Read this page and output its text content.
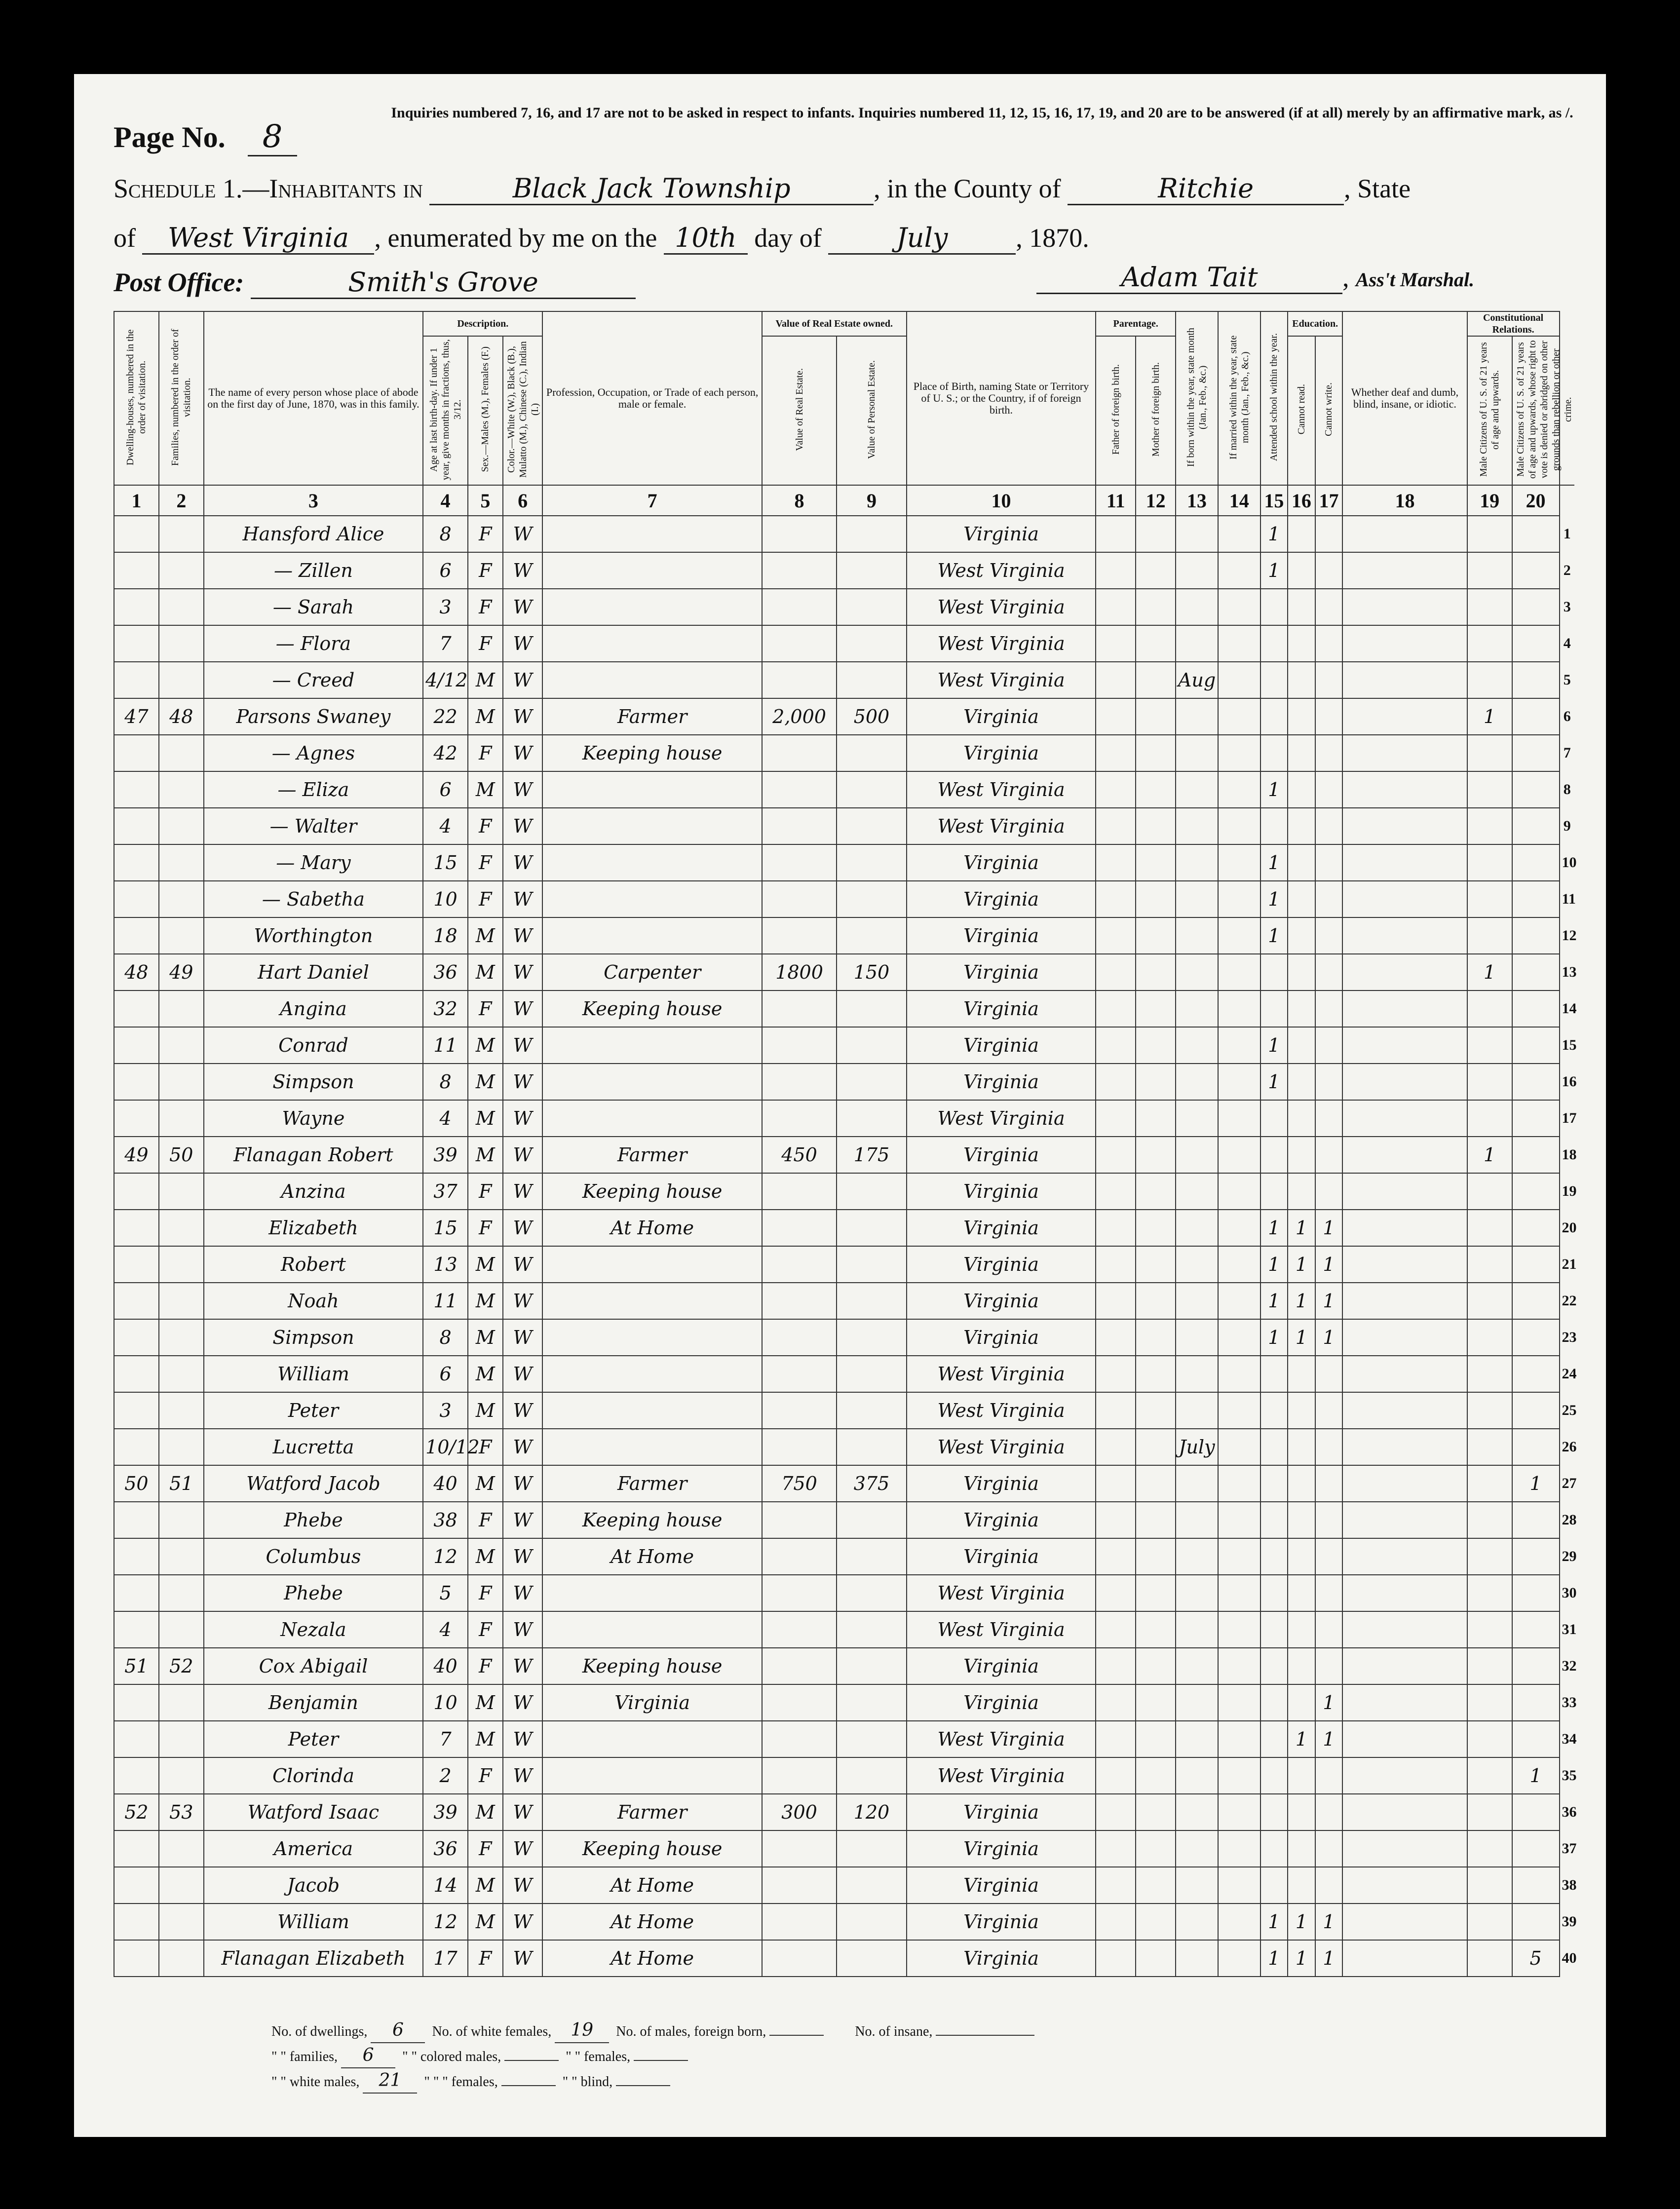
Page No. 8
Inquiries numbered 7, 16, and 17 are not to be asked in respect to infants. Inquiries numbered 11, 12, 15, 16, 17, 19, and 20 are to be answered (if at all) merely by an affirmative mark, as /.
Schedule 1.—Inhabitants in	Black Jack Township	, in the County of	Ritchie	, State
of West Virginia , enumerated by me on the 10th day of	July	, 1870.
Post Office:	Smith's Grove	Adam Tait	, Ass't Marshal.
Dwelling-houses, numbered in the order of visitation.	Families, numbered in the order of visitation.	The name of every person whose place of abode on the first day of June, 1870, was in this family.	Description.			Profession, Occupation, or Trade of each person, male or female.	Value of Real Estate owned.		Place of Birth, naming State or Territory of U. S.; or the Country, if of foreign birth.	Parentage.		If born within the year, state month (Jan., Feb., &c.)	If married within the year, state month (Jan., Feb., &c.)	Attended school within the year.	Education.		Whether deaf and dumb, blind, insane, or idiotic.	Constitutional Relations.		
			Age at last birth-day. If under 1 year, give months in fractions, thus, 3/12.	Sex.—Males (M.), Females (F.)	Color.—White (W.), Black (B.), Mulatto (M.), Chinese (C.), Indian (I.)		Value of Real Estate.	Value of Personal Estate.		Father of foreign birth.	Mother of foreign birth.				Cannot read.	Cannot write.		Male Citizens of U. S. of 21 years of age and upwards.	Male Citizens of U. S. of 21 years of age and upwards, whose right to vote is denied or abridged on other grounds than rebellion or other crime.	
1	2	3	4	5	6	7	8	9	10	11	12	13	14	15	16	17	18	19	20	
		Hansford Alice	8	F	W				Virginia					1						1
		— Zillen	6	F	W				West Virginia					1						2
		— Sarah	3	F	W				West Virginia											3
		— Flora	7	F	W				West Virginia											4
		— Creed	4/12	M	W				West Virginia			Aug								5
47	48	Parsons Swaney	22	M	W	Farmer	2,000	500	Virginia									1		6
		— Agnes	42	F	W	Keeping house			Virginia											7
		— Eliza	6	M	W				West Virginia					1						8
		— Walter	4	F	W				West Virginia											9
		— Mary	15	F	W				Virginia					1						10
		— Sabetha	10	F	W				Virginia					1						11
		Worthington	18	M	W				Virginia					1						12
48	49	Hart Daniel	36	M	W	Carpenter	1800	150	Virginia									1		13
		Angina	32	F	W	Keeping house			Virginia											14
		Conrad	11	M	W				Virginia					1						15
		Simpson	8	M	W				Virginia					1						16
		Wayne	4	M	W				West Virginia											17
49	50	Flanagan Robert	39	M	W	Farmer	450	175	Virginia									1		18
		Anzina	37	F	W	Keeping house			Virginia											19
		Elizabeth	15	F	W	At Home			Virginia					1	1	1				20
		Robert	13	M	W				Virginia					1	1	1				21
		Noah	11	M	W				Virginia					1	1	1				22
		Simpson	8	M	W				Virginia					1	1	1				23
		William	6	M	W				West Virginia											24
		Peter	3	M	W				West Virginia											25
		Lucretta	10/12	F	W				West Virginia			July								26
50	51	Watford Jacob	40	M	W	Farmer	750	375	Virginia										1	27
		Phebe	38	F	W	Keeping house			Virginia											28
		Columbus	12	M	W	At Home			Virginia											29
		Phebe	5	F	W				West Virginia											30
		Nezala	4	F	W				West Virginia											31
51	52	Cox Abigail	40	F	W	Keeping house			Virginia											32
		Benjamin	10	M	W	Virginia			Virginia							1				33
		Peter	7	M	W				West Virginia						1	1				34
		Clorinda	2	F	W				West Virginia										1	35
52	53	Watford Isaac	39	M	W	Farmer	300	120	Virginia											36
		America	36	F	W	Keeping house			Virginia											37
		Jacob	14	M	W	At Home			Virginia											38
		William	12	M	W	At Home			Virginia					1	1	1				39
		Flanagan Elizabeth	17	F	W	At Home			Virginia					1	1	1			5	40
No. of dwellings, 6 No. of white females, 19 No. of males, foreign born,	No. of insane,
" " families, 6 " " colored males,	" " females,
" " white males, 21 " " " females,	" " blind,
